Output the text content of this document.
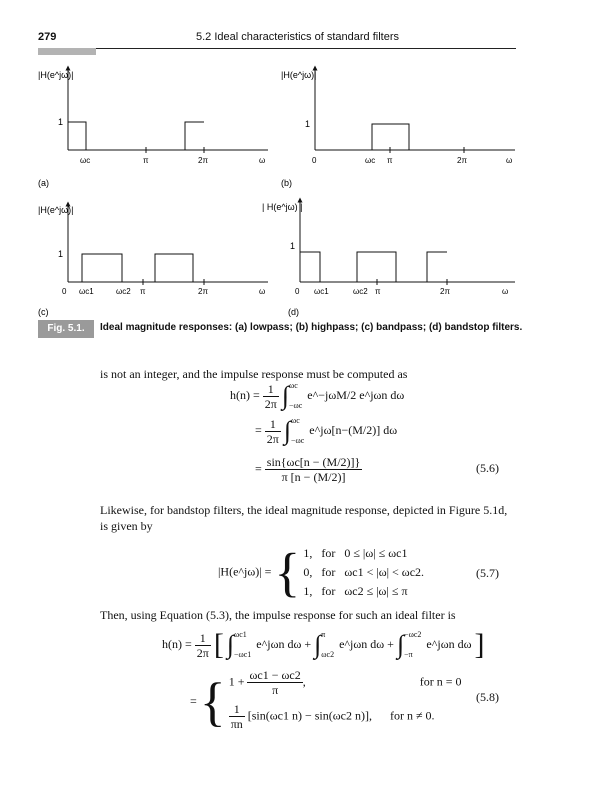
279	5.2 Ideal characteristics of standard filters
|H(e^jω)|
1
ωc	π	2π	ω
(a)
|H(e^jω)|
1
0	ωc π	2π	ω
(b)
|H(e^jω)|
1
0 ωc1	ωc2 π	2π	ω
(c)
| H(e^jω) |
1
0 ωc1	ωc2 π	2π	ω
(d)
Fig. 5.1.	Ideal magnitude responses: (a) lowpass; (b) highpass; (c) bandpass; (d) bandstop filters.
is not an integer, and the impulse response must be computed as
$h(n) = \frac{1}{2\pi}$ ∫ ωc
−ωc
e^−jωM/2 e^jωn dω
= $\frac{1}{2\pi}$ ∫ ωc
−ωc
e^jω[n−(M/2)] dω
= $\frac{\sin\{\omega c[n - (M/2)]\}}{\pi [n - (M/2)]}$	(5.6)
Likewise, for bandstop filters, the ideal magnitude response, depicted in Figure 5.1d, is given by
|H(e^jω)| = { 1, for 0 ≤ |ω| ≤ ωc1
0, for ωc1 < |ω| < ωc2.
1, for ωc2 ≤ |ω| ≤ π
(5.7)
Then, using Equation (5.3), the impulse response for such an ideal filter is
$h(n) = \frac{1}{2\pi}$ [ ∫ ωc1
−ωc1
e^jωn dω + ∫ π
ωc2
e^jωn dω + ∫ −ωc2
−π
e^jωn dω ]
= { $1 + \frac{\omega c1 - \omega c2}{\pi}$ ,	for n = 0
$\frac{1}{\pi n} [\sin(\omega c1$ n) − sin(ωc2 n)], for n ≠ 0.
(5.8)
